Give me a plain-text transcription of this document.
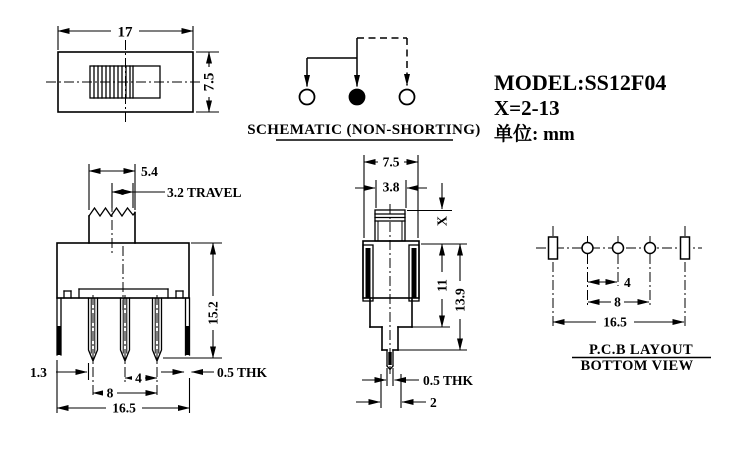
17
7.5
SCHEMATIC (NON-SHORTING)
MODEL:SS12F04
X=2-13
单位: mm
5.4
3.2 TRAVEL
15.2
1.3	0.5 THK
4
8
16.5
7.5
3.8
X
11
13.9
0.5 THK
2
4
8
16.5
P.C.B LAYOUT
BOTTOM VIEW
